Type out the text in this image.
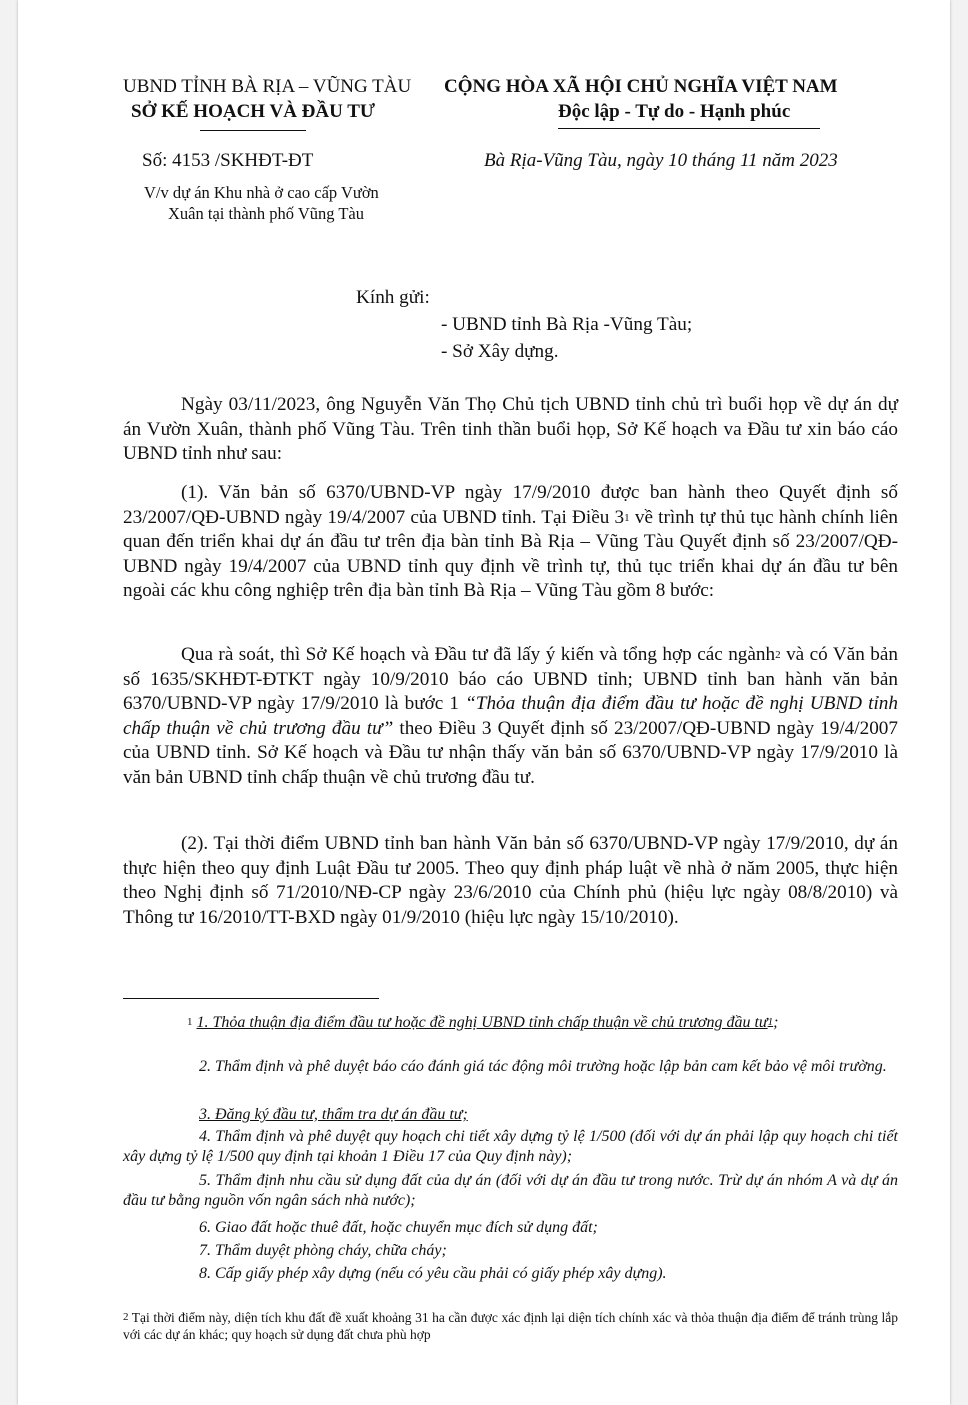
UBND TỈNH BÀ RỊA – VŨNG TÀU
SỞ KẾ HOẠCH VÀ ĐẦU TƯ
CỘNG HÒA XÃ HỘI CHỦ NGHĨA VIỆT NAM
Độc lập - Tự do - Hạnh phúc
Số: 4153 /SKHĐT-ĐT	Bà Rịa-Vũng Tàu, ngày 10 tháng 11 năm 2023
V/v dự án Khu nhà ở cao cấp Vườn
Xuân tại thành phố Vũng Tàu
Kính gửi:
- UBND tỉnh Bà Rịa -Vũng Tàu;
- Sở Xây dựng.
Ngày 03/11/2023, ông Nguyễn Văn Thọ Chủ tịch UBND tỉnh chủ trì buổi họp về dự án dự án Vườn Xuân, thành phố Vũng Tàu. Trên tinh thần buổi họp, Sở Kế hoạch va Đầu tư xin báo cáo UBND tỉnh như sau:
(1). Văn bản số 6370/UBND-VP ngày 17/9/2010 được ban hành theo Quyết định số 23/2007/QĐ-UBND ngày 19/4/2007 của UBND tỉnh. Tại Điều $3^1$ về trình tự thủ tục hành chính liên quan đến triển khai dự án đầu tư trên địa bàn tỉnh Bà Rịa – Vũng Tàu Quyết định số 23/2007/QĐ-UBND ngày 19/4/2007 của UBND tỉnh quy định về trình tự, thủ tục triển khai dự án đầu tư bên ngoài các khu công nghiệp trên địa bàn tỉnh Bà Rịa – Vũng Tàu gồm 8 bước:
Qua rà soát, thì Sở Kế hoạch và Đầu tư đã lấy ý kiến và tổng hợp các ngành$^2$ và có Văn bản số 1635/SKHĐT-ĐTKT ngày 10/9/2010 báo cáo UBND tỉnh; UBND tỉnh ban hành văn bản 6370/UBND-VP ngày 17/9/2010 là bước 1 “Thỏa thuận địa điểm đầu tư hoặc đề nghị UBND tỉnh chấp thuận về chủ trương đầu tư” theo Điều 3 Quyết định số 23/2007/QĐ-UBND ngày 19/4/2007 của UBND tỉnh. Sở Kế hoạch và Đầu tư nhận thấy văn bản số 6370/UBND-VP ngày 17/9/2010 là văn bản UBND tỉnh chấp thuận về chủ trương đầu tư.
(2). Tại thời điểm UBND tỉnh ban hành Văn bản số 6370/UBND-VP ngày 17/9/2010, dự án thực hiện theo quy định Luật Đầu tư 2005. Theo quy định pháp luật về nhà ở năm 2005, thực hiện theo Nghị định số 71/2010/NĐ-CP ngày 23/6/2010 của Chính phủ (hiệu lực ngày 08/8/2010) và Thông tư 16/2010/TT-BXD ngày 01/9/2010 (hiệu lực ngày 15/10/2010).
$^1$ 1. Thỏa thuận địa điểm đầu tư hoặc đề nghị UBND tỉnh chấp thuận về chủ trương đầu $tư^1$;
2. Thẩm định và phê duyệt báo cáo đánh giá tác động môi trường hoặc lập bản cam kết bảo vệ môi trường.
3. Đăng ký đầu tư, thẩm tra dự án đầu tư;
4. Thẩm định và phê duyệt quy hoạch chi tiết xây dựng tỷ lệ 1/500 (đối với dự án phải lập quy hoạch chi tiết xây dựng tỷ lệ 1/500 quy định tại khoản 1 Điều 17 của Quy định này);
5. Thẩm định nhu cầu sử dụng đất của dự án (đối với dự án đầu tư trong nước. Trừ dự án nhóm A và dự án đầu tư bằng nguồn vốn ngân sách nhà nước);
6. Giao đất hoặc thuê đất, hoặc chuyển mục đích sử dụng đất;
7. Thẩm duyệt phòng cháy, chữa cháy;
8. Cấp giấy phép xây dựng (nếu có yêu cầu phải có giấy phép xây dựng).
$^2$ Tại thời điểm này, diện tích khu đất đề xuất khoảng 31 ha cần được xác định lại diện tích chính xác và thỏa thuận địa điểm để tránh trùng lắp với các dự án khác; quy hoạch sử dụng đất chưa phù hợp
